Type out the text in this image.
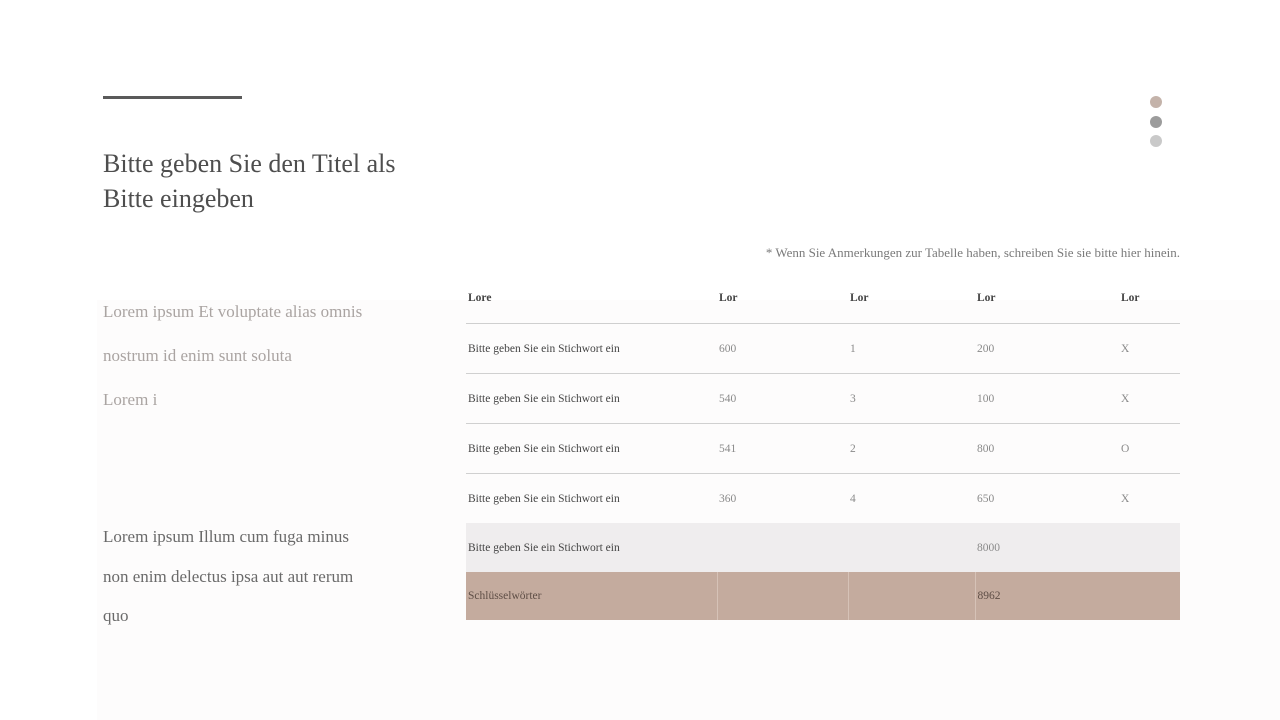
Bitte geben Sie den Titel als
Bitte eingeben
* Wenn Sie Anmerkungen zur Tabelle haben, schreiben Sie sie bitte hier hinein.
Lorem ipsum Et voluptate alias omnis
nostrum id enim sunt soluta
Lorem i
Lorem ipsum Illum cum fuga minus
non enim delectus ipsa aut aut rerum
quo
Lore	Lor	Lor	Lor	Lor
Bitte geben Sie ein Stichwort ein	600	1	200	X
Bitte geben Sie ein Stichwort ein	540	3	100	X
Bitte geben Sie ein Stichwort ein	541	2	800	O
Bitte geben Sie ein Stichwort ein	360	4	650	X
Bitte geben Sie ein Stichwort ein			8000	
Schlüsselwörter			8962	
